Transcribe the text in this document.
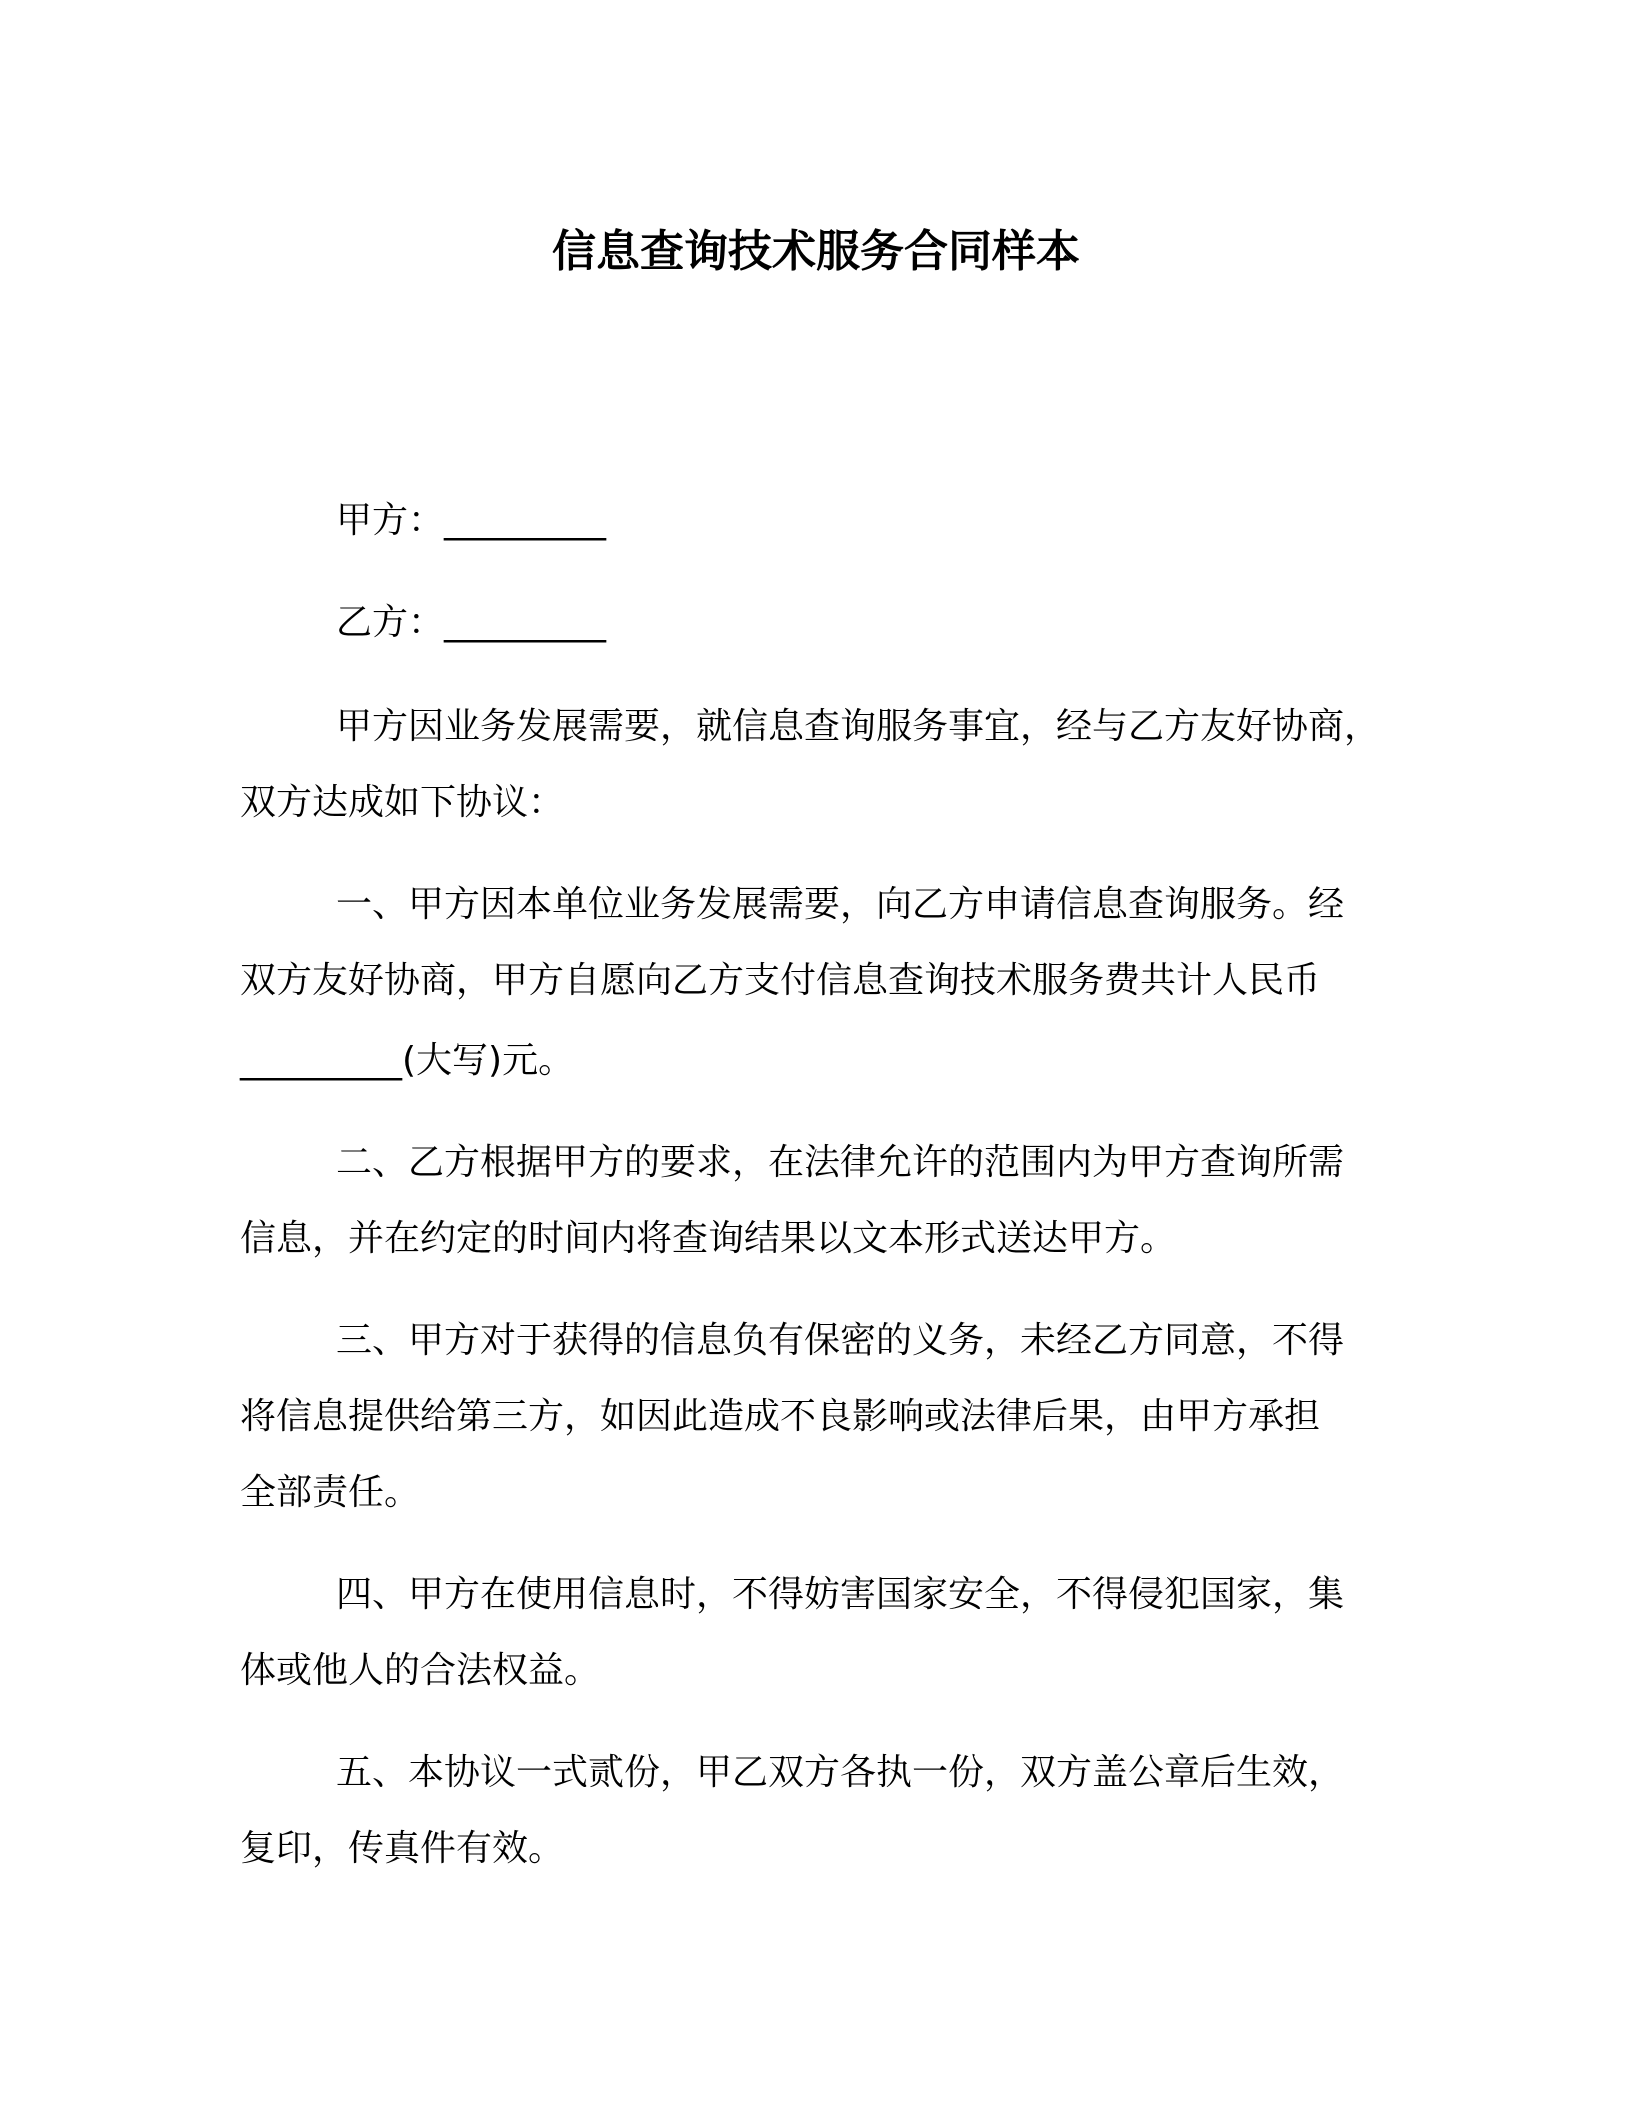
信息查询技术服务合同样本
甲方：_________
乙方：_________
甲方因业务发展需要，就信息查询服务事宜，经与乙方友好协商，
双方达成如下协议：
一、甲方因本单位业务发展需要，向乙方申请信息查询服务。经
双方友好协商，甲方自愿向乙方支付信息查询技术服务费共计人民币
_________(大写)元。
二、乙方根据甲方的要求，在法律允许的范围内为甲方查询所需
信息，并在约定的时间内将查询结果以文本形式送达甲方。
三、甲方对于获得的信息负有保密的义务，未经乙方同意，不得
将信息提供给第三方，如因此造成不良影响或法律后果，由甲方承担
全部责任。
四、甲方在使用信息时，不得妨害国家安全，不得侵犯国家，集
体或他人的合法权益。
五、本协议一式贰份，甲乙双方各执一份，双方盖公章后生效，
复印，传真件有效。
